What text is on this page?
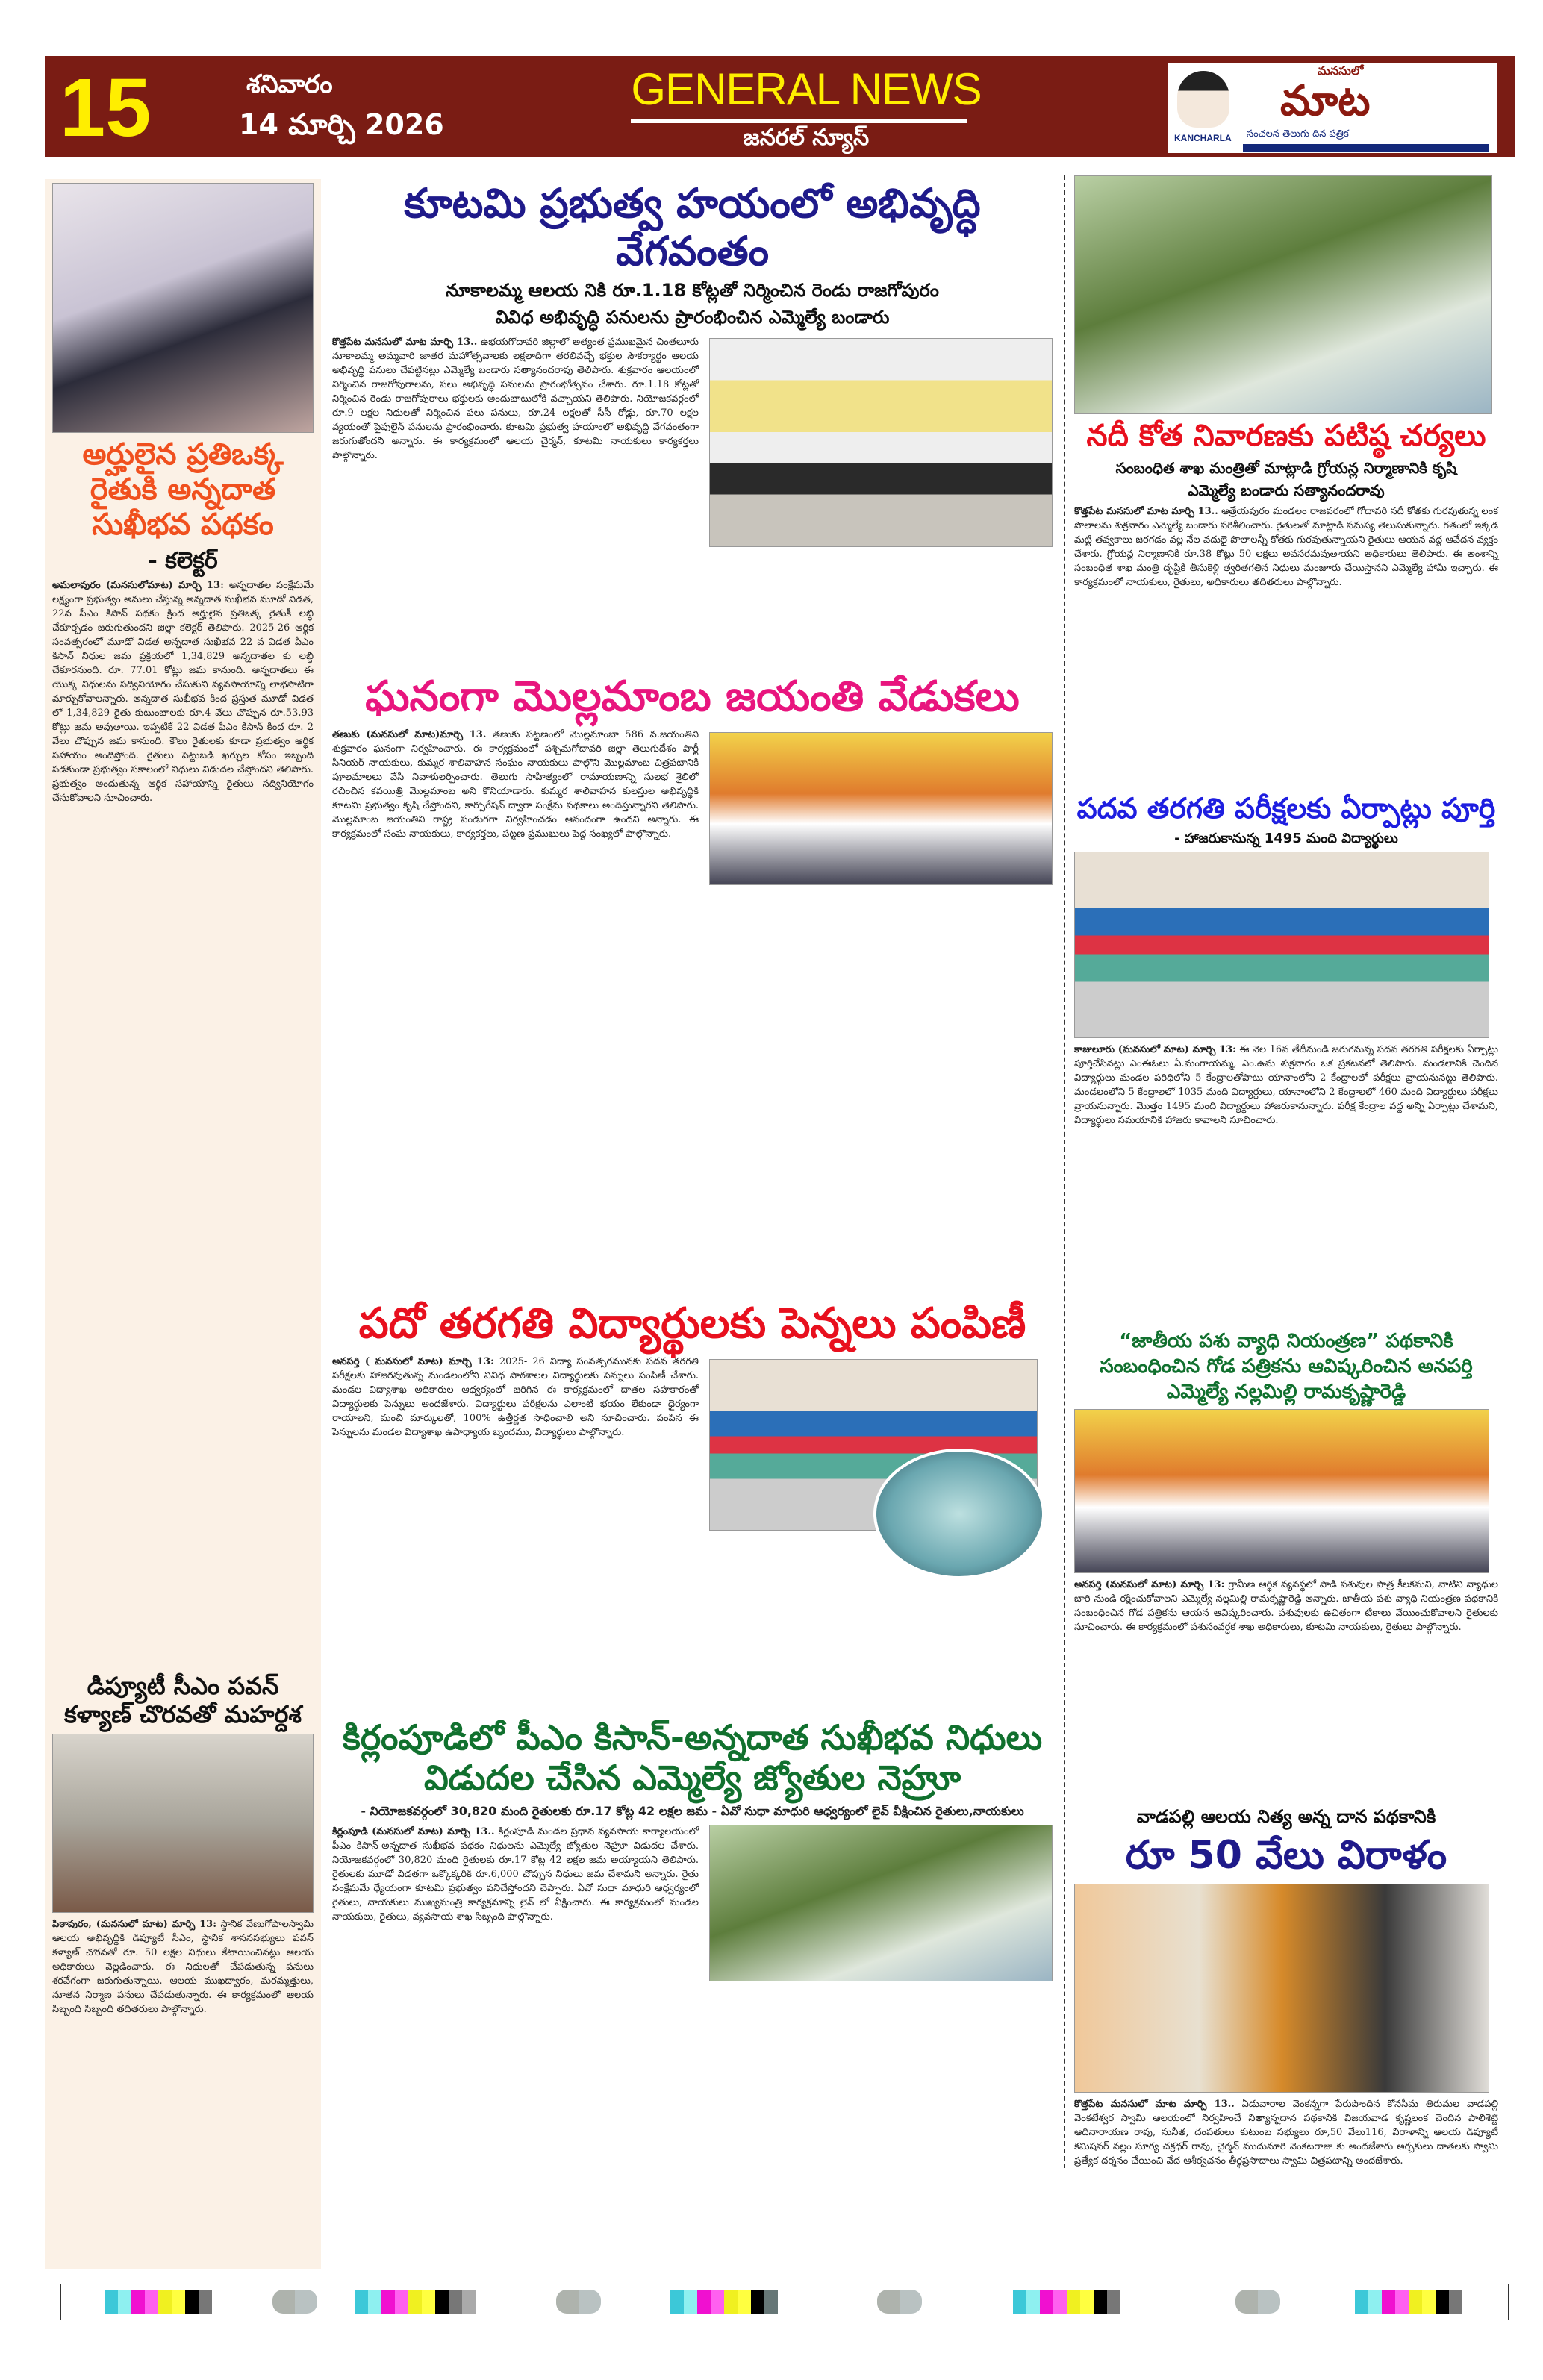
15	శనివారం
14 మార్చి 2026
GENERAL NEWS
జనరల్ న్యూస్
మనసులో
మాట
KANCHARLA సంచలన తెలుగు దిన పత్రిక
అర్హులైన ప్రతిఒక్క రైతుకి అన్నదాత సుఖీభవ పథకం
- కలెక్టర్
అమలాపురం (మనసులోమాట) మార్చి 13: అన్నదాతల సంక్షేమమే లక్ష్యంగా ప్రభుత్వం అమలు చేస్తున్న అన్నదాత సుఖీభవ మూడో విడత, 22వ పీఎం కిసాన్ పథకం క్రింద అర్హులైన ప్రతిఒక్క రైతుకీ లబ్ధి చేకూర్చడం జరుగుతుందని జిల్లా కలెక్టర్ తెలిపారు. 2025-26 ఆర్థిక సంవత్సరంలో మూడో విడత అన్నదాత సుఖీభవ 22 వ విడత పీఎం కిసాన్ నిధుల జమ ప్రక్రియలో 1,34,829 అన్నదాతల కు లబ్ధి చేకూరనుంది. రూ. 77.01 కోట్లు జమ కానుంది. అన్నదాతలు ఈ యొక్క నిధులను సద్వినియోగం చేసుకుని వ్యవసాయాన్ని లాభసాటిగా మార్చుకోవాలన్నారు. అన్నదాత సుఖీభవ కింద ప్రస్తుత మూడో విడత లో 1,34,829 రైతు కుటుంబాలకు రూ.4 వేలు చొప్పున రూ.53.93 కోట్లు జమ అవుతాయి. ఇప్పటికే 22 విడత పీఎం కిసాన్ కింద రూ. 2 వేలు చొప్పున జమ కానుంది. కౌలు రైతులకు కూడా ప్రభుత్వం ఆర్థిక సహాయం అందిస్తోంది. రైతులు పెట్టుబడి ఖర్చుల కోసం ఇబ్బంది పడకుండా ప్రభుత్వం సకాలంలో నిధులు విడుదల చేస్తోందని తెలిపారు. ప్రభుత్వం అందుతున్న ఆర్థిక సహాయాన్ని రైతులు సద్వినియోగం చేసుకోవాలని సూచించారు.
డిప్యూటీ సీఎం పవన్ కళ్యాణ్ చొరవతో మహర్దశ
పిఠాపురం, (మనసులో మాట) మార్చి 13: స్థానిక వేణుగోపాలస్వామి ఆలయ అభివృద్ధికి డిప్యూటీ సీఎం, స్థానిక శాసనసభ్యులు పవన్ కళ్యాణ్ చొరవతో రూ. 50 లక్షల నిధులు కేటాయించినట్లు ఆలయ అధికారులు వెల్లడించారు. ఈ నిధులతో చేపడుతున్న పనులు శరవేగంగా జరుగుతున్నాయి. ఆలయ ముఖద్వారం, మరమ్మత్తులు, నూతన నిర్మాణ పనులు చేపడుతున్నారు. ఈ కార్యక్రమంలో ఆలయ సిబ్బంది సిబ్బంది తదితరులు పాల్గొన్నారు.
కూటమి ప్రభుత్వ హయంలో అభివృద్ధి వేగవంతం
నూకాలమ్మ ఆలయ నికి రూ.1.18 కోట్లతో నిర్మించిన రెండు రాజగోపురం
వివిధ అభివృద్ధి పనులను ప్రారంభించిన ఎమ్మెల్యే బండారు
కొత్తపేట మనసులో మాట మార్చి 13.. ఉభయగోదావరి జిల్లాలో అత్యంత ప్రముఖమైన చింతలూరు నూకాలమ్మ అమ్మవారి జాతర మహోత్సవాలకు లక్షలాదిగా తరలివచ్చే భక్తుల సౌకర్యార్థం ఆలయ అభివృద్ధి పనులు చేపట్టినట్లు ఎమ్మెల్యే బండారు సత్యానందరావు తెలిపారు. శుక్రవారం ఆలయంలో నిర్మించిన రాజగోపురాలను, పలు అభివృద్ధి పనులను ప్రారంభోత్సవం చేశారు. రూ.1.18 కోట్లతో నిర్మించిన రెండు రాజగోపురాలు భక్తులకు అందుబాటులోకి వచ్చాయని తెలిపారు. నియోజకవర్గంలో రూ.9 లక్షల నిధులతో నిర్మించిన పలు పనులు, రూ.24 లక్షలతో సీసీ రోడ్లు, రూ.70 లక్షల వ్యయంతో పైపులైన్ పనులను ప్రారంభించారు. కూటమి ప్రభుత్వ హయాంలో అభివృద్ధి వేగవంతంగా జరుగుతోందని అన్నారు. ఈ కార్యక్రమంలో ఆలయ చైర్మన్, కూటమి నాయకులు కార్యకర్తలు పాల్గొన్నారు.
ఘనంగా మొల్లమాంబ జయంతి వేడుకలు
తణుకు (మనసులో మాట)మార్చి 13. తణుకు పట్టణంలో మొల్లమాంబా 586 వ.జయంతిని శుక్రవారం ఘనంగా నిర్వహించారు. ఈ కార్యక్రమంలో పశ్చిమగోదావరి జిల్లా తెలుగుదేశం పార్టీ సీనియర్ నాయకులు, కుమ్మర శాలివాహన సంఘం నాయకులు పాల్గొని మొల్లమాంబ చిత్రపటానికి పూలమాలలు వేసి నివాళులర్పించారు. తెలుగు సాహిత్యంలో రామాయణాన్ని సులభ శైలిలో రచించిన కవయిత్రి మొల్లమాంబ అని కొనియాడారు. కుమ్మర శాలివాహన కులస్తుల అభివృద్ధికి కూటమి ప్రభుత్వం కృషి చేస్తోందని, కార్పొరేషన్ ద్వారా సంక్షేమ పథకాలు అందిస్తున్నారని తెలిపారు. మొల్లమాంబ జయంతిని రాష్ట్ర పండుగగా నిర్వహించడం ఆనందంగా ఉందని అన్నారు. ఈ కార్యక్రమంలో సంఘ నాయకులు, కార్యకర్తలు, పట్టణ ప్రముఖులు పెద్ద సంఖ్యలో పాల్గొన్నారు.
పదో తరగతి విద్యార్థులకు పెన్నలు పంపిణీ
అనపర్తి ( మనసులో మాట) మార్చి 13: 2025- 26 విద్యా సంవత్సరమునకు పదవ తరగతి పరీక్షలకు హాజరవుతున్న మండలంలోని వివిధ పాఠశాలల విద్యార్థులకు పెన్నులు పంపిణీ చేశారు. మండల విద్యాశాఖ అధికారుల ఆధ్వర్యంలో జరిగిన ఈ కార్యక్రమంలో దాతల సహకారంతో విద్యార్థులకు పెన్నులు అందజేశారు. విద్యార్థులు పరీక్షలను ఎలాంటి భయం లేకుండా ధైర్యంగా రాయాలని, మంచి మార్కులతో, 100% ఉత్తీర్ణత సాధించాలి అని సూచించారు. పంపిన ఈ పెన్నులను మండల విద్యాశాఖ ఉపాధ్యాయ బృందము, విద్యార్థులు పాల్గొన్నారు.
కిర్లంపూడిలో పీఎం కిసాన్-అన్నదాత సుఖీభవ నిధులు విడుదల చేసిన ఎమ్మెల్యే జ్యోతుల నెహ్రూ
- నియోజకవర్గంలో 30,820 మంది రైతులకు రూ.17 కోట్ల 42 లక్షల జమ - ఏవో సుధా మాధురి ఆధ్వర్యంలో లైవ్ వీక్షించిన రైతులు,నాయకులు
కిర్లంపూడి (మనసులో మాట) మార్చి 13.. కిర్లంపూడి మండల ప్రధాన వ్యవసాయ కార్యాలయంలో పీఎం కిసాన్-అన్నదాత సుఖీభవ పథకం నిధులను ఎమ్మెల్యే జ్యోతుల నెహ్రూ విడుదల చేశారు. నియోజకవర్గంలో 30,820 మంది రైతులకు రూ.17 కోట్ల 42 లక్షల జమ అయ్యాయని తెలిపారు. రైతులకు మూడో విడతగా ఒక్కొక్కరికి రూ.6,000 చొప్పున నిధులు జమ చేశామని అన్నారు. రైతు సంక్షేమమే ధ్యేయంగా కూటమి ప్రభుత్వం పనిచేస్తోందని చెప్పారు. ఏవో సుధా మాధురి ఆధ్వర్యంలో రైతులు, నాయకులు ముఖ్యమంత్రి కార్యక్రమాన్ని లైవ్ లో వీక్షించారు. ఈ కార్యక్రమంలో మండల నాయకులు, రైతులు, వ్యవసాయ శాఖ సిబ్బంది పాల్గొన్నారు.
నదీ కోత నివారణకు పటిష్ఠ చర్యలు
సంబంధిత శాఖ మంత్రితో మాట్లాడి గ్రోయన్ల నిర్మాణానికి కృషి
ఎమ్మెల్యే బండారు సత్యానందరావు
కొత్తపేట మనసులో మాట మార్చి 13.. ఆత్రేయపురం మండలం రాజవరంలో గోదావరి నదీ కోతకు గురవుతున్న లంక పొలాలను శుక్రవారం ఎమ్మెల్యే బండారు పరిశీలించారు. రైతులతో మాట్లాడి సమస్య తెలుసుకున్నారు. గతంలో ఇక్కడ మట్టి తవ్వకాలు జరగడం వల్ల నేల వదులై పొలాలన్నీ కోతకు గురవుతున్నాయని రైతులు ఆయన వద్ద ఆవేదన వ్యక్తం చేశారు. గ్రోయన్ల నిర్మాణానికి రూ.38 కోట్లు 50 లక్షలు అవసరమవుతాయని అధికారులు తెలిపారు. ఈ అంశాన్ని సంబంధిత శాఖ మంత్రి దృష్టికి తీసుకెళ్లి త్వరితగతిన నిధులు మంజూరు చేయిస్తానని ఎమ్మెల్యే హామీ ఇచ్చారు. ఈ కార్యక్రమంలో నాయకులు, రైతులు, అధికారులు తదితరులు పాల్గొన్నారు.
పదవ తరగతి పరీక్షలకు ఏర్పాట్లు పూర్తి
- హాజరుకానున్న 1495 మంది విద్యార్థులు
కాజులూరు (మనసులో మాట) మార్చి 13: ఈ నెల 16వ తేదీనుండి జరుగనున్న పదవ తరగతి పరీక్షలకు ఏర్పాట్లు పూర్తిచేసినట్లు ఎంఈఓలు ఏ.మంగాయమ్మ, ఎం.ఉమ శుక్రవారం ఒక ప్రకటనలో తెలిపారు. మండలానికి చెందిన విద్యార్థులు మండల పరిధిలోని 5 కేంద్రాలతోపాటు యానాంలోని 2 కేంద్రాలలో పరీక్షలు వ్రాయనునట్టు తెలిపారు. మండలంలోని 5 కేంద్రాలలో 1035 మంది విద్యార్థులు, యానాంలోని 2 కేంద్రాలలో 460 మంది విద్యార్థులు పరీక్షలు వ్రాయనున్నారు. మొత్తం 1495 మంది విద్యార్థులు హాజరుకానున్నారు. పరీక్ష కేంద్రాల వద్ద అన్ని ఏర్పాట్లు చేశామని, విద్యార్థులు సమయానికి హాజరు కావాలని సూచించారు.
“జాతీయ పశు వ్యాధి నియంత్రణ” పథకానికి సంబంధించిన గోడ పత్రికను ఆవిష్కరించిన అనపర్తి ఎమ్మెల్యే నల్లమిల్లి రామకృష్ణారెడ్డి
అనపర్తి (మనసులో మాట) మార్చి 13: గ్రామీణ ఆర్థిక వ్యవస్థలో పాడి పశువుల పాత్ర కీలకమని, వాటిని వ్యాధుల బారి నుండి రక్షించుకోవాలని ఎమ్మెల్యే నల్లమిల్లి రామకృష్ణారెడ్డి అన్నారు. జాతీయ పశు వ్యాధి నియంత్రణ పథకానికి సంబంధించిన గోడ పత్రికను ఆయన ఆవిష్కరించారు. పశువులకు ఉచితంగా టీకాలు వేయించుకోవాలని రైతులకు సూచించారు. ఈ కార్యక్రమంలో పశుసంవర్ధక శాఖ అధికారులు, కూటమి నాయకులు, రైతులు పాల్గొన్నారు.
వాడపల్లి ఆలయ నిత్య అన్న దాన పథకానికి
రూ 50 వేలు విరాళం
కొత్తపేట మనసులో మాట మార్చి 13.. ఏడువారాల వెంకన్నగా పేరుపొందిన కోనసీమ తిరుమల వాడపల్లి వెంకటేశ్వర స్వామి ఆలయంలో నిర్వహించే నిత్యాన్నదాన పథకానికి విజయవాడ కృష్ణలంక చెందిన పాలిశెట్టి ఆదినారాయణ రావు, సునీత, దంపతులు కుటుంబ సభ్యులు రూ,50 వేలు116, విరాళాన్ని ఆలయ డిప్యూటీ కమిషనర్ నల్లం సూర్య చక్రధర్ రావు, చైర్మన్ ముదునూరి వెంకటరాజు కు అందజేశారు అర్చకులు దాతలకు స్వామి ప్రత్యేక దర్శనం చేయించి వేద ఆశీర్వచనం తీర్థప్రసాదాలు స్వామి చిత్రపటాన్ని అందజేశారు.
